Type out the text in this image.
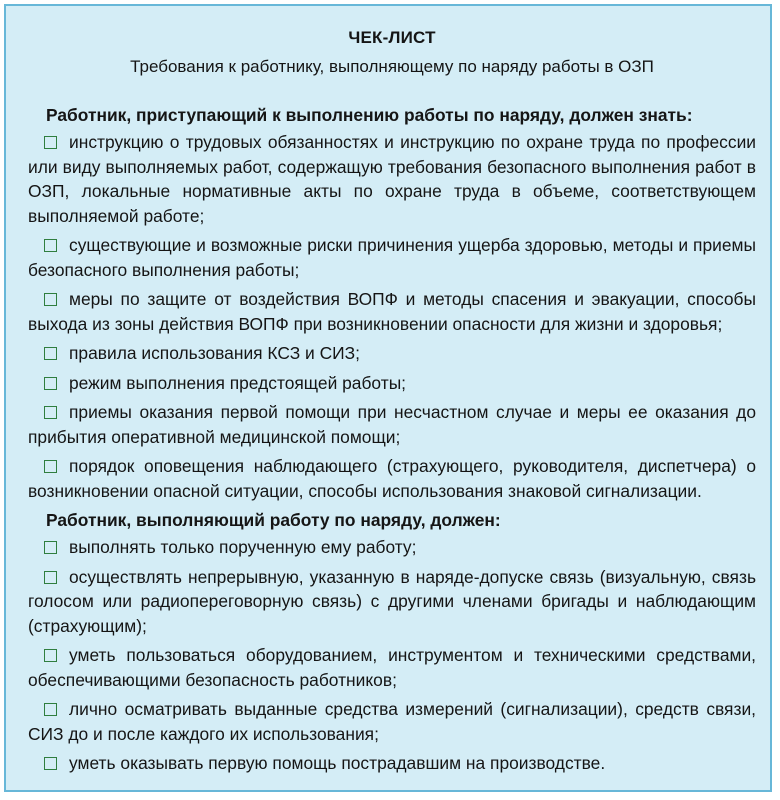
ЧЕК-ЛИСТ
Требования к работнику, выполняющему по наряду работы в ОЗП
Работник, приступающий к выполнению работы по наряду, должен знать:
инструкцию о трудовых обязанностях и инструкцию по охране труда по профессии или виду выполняемых работ, содержащую требования безопасного выполнения работ в ОЗП, локальные нормативные акты по охране труда в объеме, соответствующем выполняемой работе;
существующие и возможные риски причинения ущерба здоровью, методы и приемы безопасного выполнения работы;
меры по защите от воздействия ВОПФ и методы спасения и эвакуации, способы выхода из зоны действия ВОПФ при возникновении опасности для жизни и здоровья;
правила использования КСЗ и СИЗ;
режим выполнения предстоящей работы;
приемы оказания первой помощи при несчастном случае и меры ее оказания до прибытия оперативной медицинской помощи;
порядок оповещения наблюдающего (страхующего, руководителя, диспетчера) о возникновении опасной ситуации, способы использования знаковой сигнализации.
Работник, выполняющий работу по наряду, должен:
выполнять только порученную ему работу;
осуществлять непрерывную, указанную в наряде-допуске связь (визуальную, связь голосом или радиопереговорную связь) с другими членами бригады и наблюдающим (страхующим);
уметь пользоваться оборудованием, инструментом и техническими средствами, обеспечивающими безопасность работников;
лично осматривать выданные средства измерений (сигнализации), средств связи, СИЗ до и после каждого их использования;
уметь оказывать первую помощь пострадавшим на производстве.
